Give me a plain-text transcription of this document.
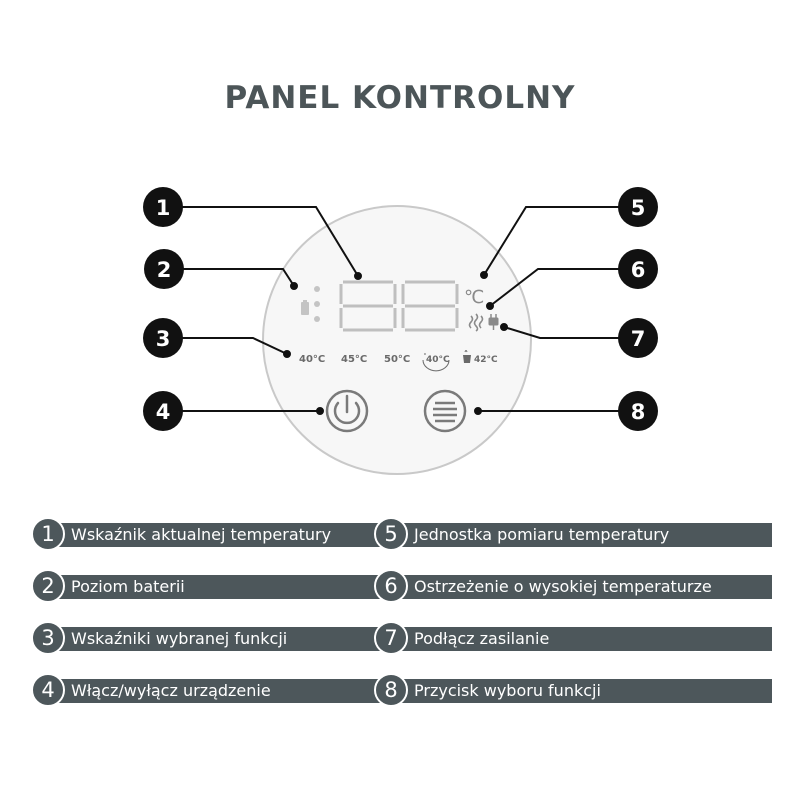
PANEL KONTROLNY
℃
40°C 45°C 50°C 40°C	42°C
1
2
3
4
5
6
7
8
1	Wskaźnik aktualnej temperatury	5	Jednostka pomiaru temperatury
2	Poziom baterii	6	Ostrzeżenie o wysokiej temperaturze
3	Wskaźniki wybranej funkcji	7	Podłącz zasilanie
4	Włącz/wyłącz urządzenie	8	Przycisk wyboru funkcji
